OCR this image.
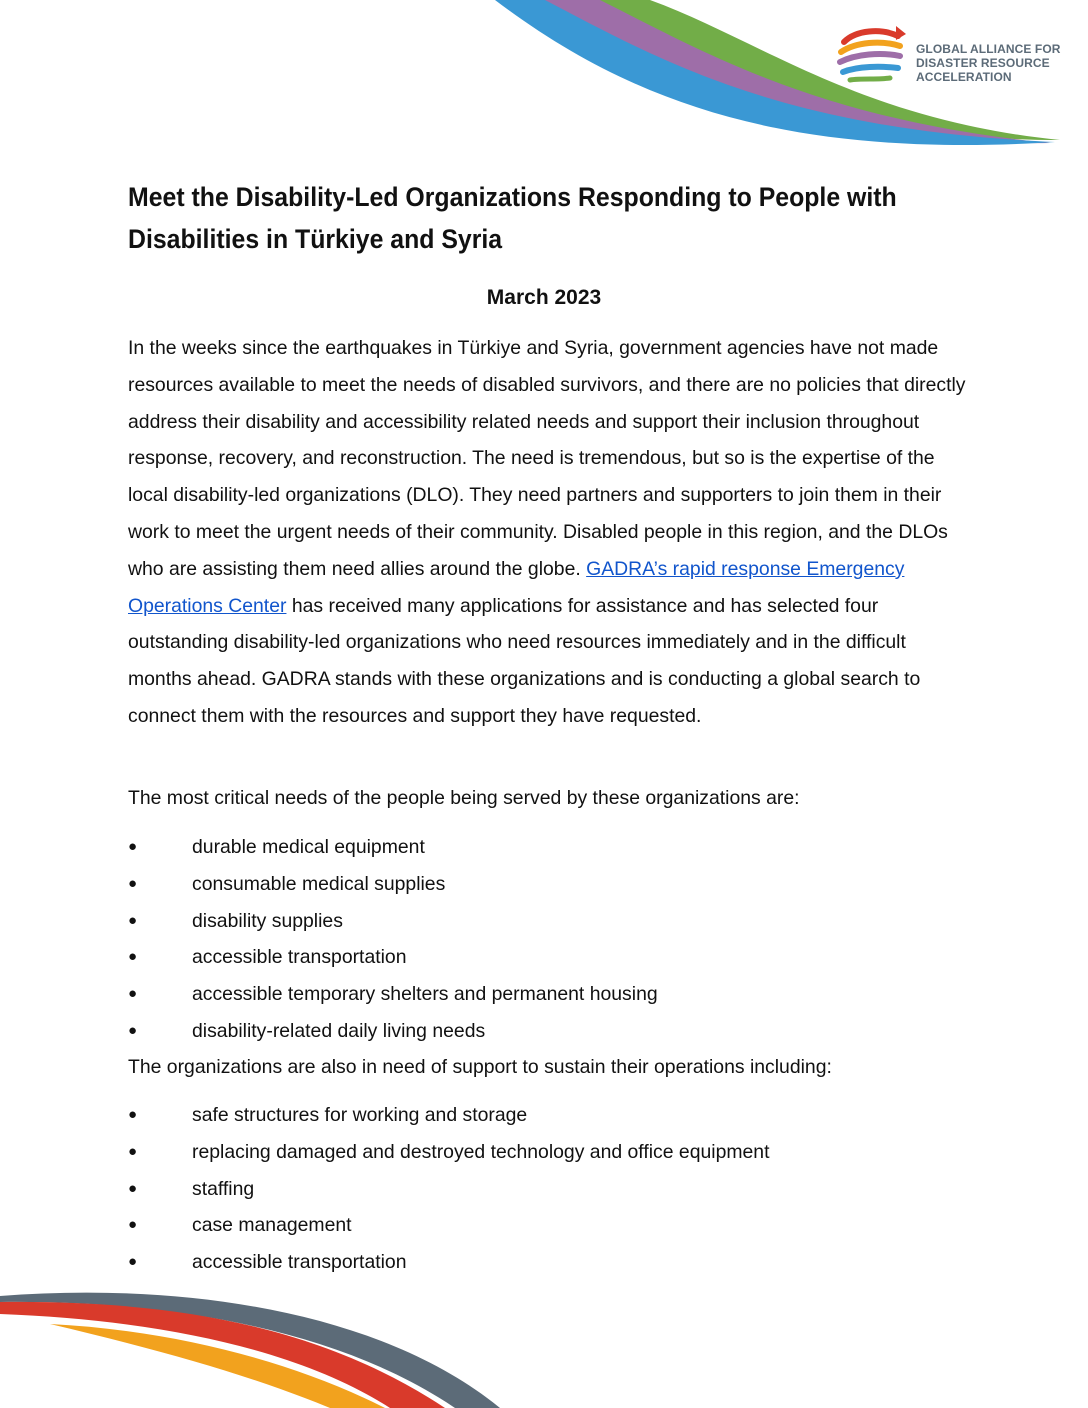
GLOBAL ALLIANCE FOR
DISASTER RESOURCE
ACCELERATION
Meet the Disability-Led Organizations Responding to People with
Disabilities in Türkiye and Syria

March 2023

In the weeks since the earthquakes in Türkiye and Syria, government agencies have not made resources available to meet the needs of disabled survivors, and there are no policies that directly address their disability and accessibility related needs and support their inclusion throughout response, recovery, and reconstruction. The need is tremendous, but so is the expertise of the local disability-led organizations (DLO). They need partners and supporters to join them in their work to meet the urgent needs of their community. Disabled people in this region, and the DLOs who are assisting them need allies around the globe. GADRA’s rapid response Emergency Operations Center has received many applications for assistance and has selected four outstanding disability-led organizations who need resources immediately and in the difficult months ahead. GADRA stands with these organizations and is conducting a global search to connect them with the resources and support they have requested.

The most critical needs of the people being served by these organizations are:

●	durable medical equipment
●	consumable medical supplies
●	disability supplies
●	accessible transportation
●	accessible temporary shelters and permanent housing
●	disability-related daily living needs

The organizations are also in need of support to sustain their operations including:

●	safe structures for working and storage
●	replacing damaged and destroyed technology and office equipment
●	staffing
●	case management
●	accessible transportation
